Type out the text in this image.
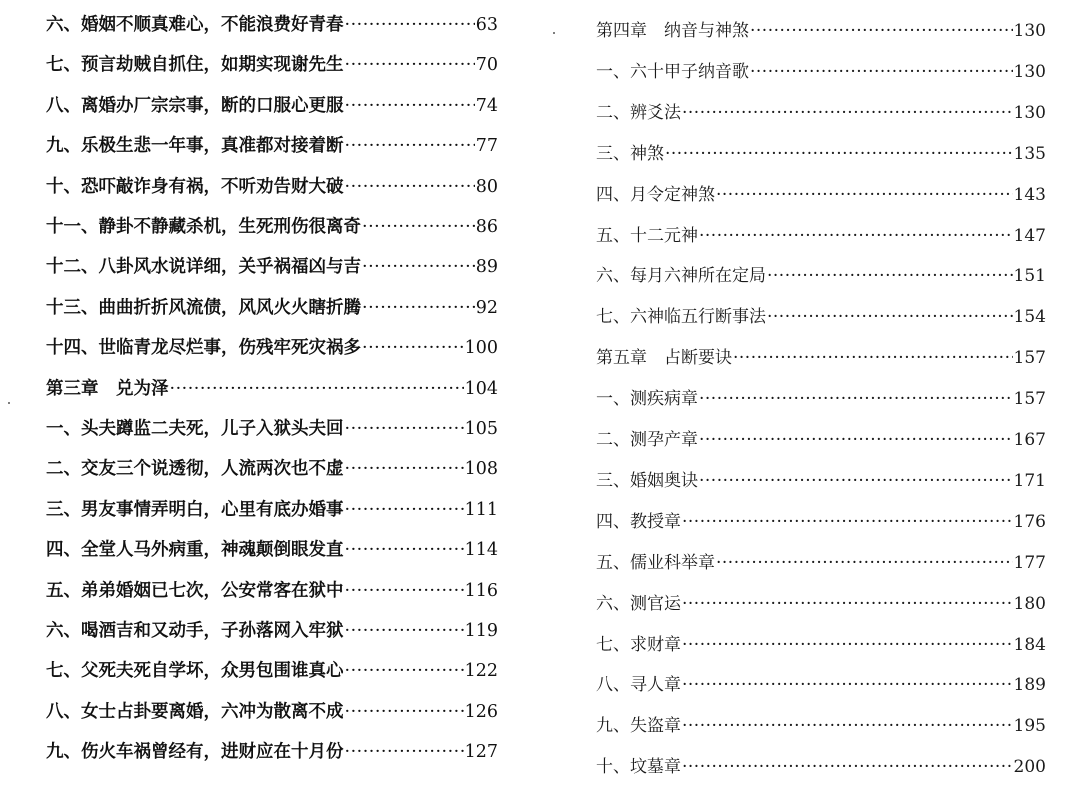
六、婚姻不顺真难心，不能浪费好青春 ·····	63
七、预言劫贼自抓住，如期实现谢先生 ·····	70
八、离婚办厂宗宗事，断的口服心更服 ·····	74
九、乐极生悲一年事，真准都对接着断 ·····	77
十、恐吓敲诈身有祸，不听劝告财大破 ·····	80
十一、静卦不静藏杀机，生死刑伤很离奇 ·····	86
十二、八卦风水说详细，关乎祸福凶与吉 ·····	89
十三、曲曲折折风流债，风风火火瞎折腾 ·····	92
十四、世临青龙尽烂事，伤残牢死灾祸多 ·····	100
第三章　兑为泽 ·····	104
一、头夫蹲监二夫死，儿子入狱头夫回 ·····	105
二、交友三个说透彻，人流两次也不虚 ·····	108
三、男友事情弄明白，心里有底办婚事 ·····	111
四、全堂人马外病重，神魂颠倒眼发直 ·····	114
五、弟弟婚姻已七次，公安常客在狱中 ·····	116
六、喝酒吉和又动手，子孙落网入牢狱 ·····	119
七、父死夫死自学坏，众男包围谁真心 ·····	122
八、女士占卦要离婚，六冲为散离不成 ·····	126
九、伤火车祸曾经有，进财应在十月份 ·····	127
第四章　纳音与神煞 ·····	130
一、六十甲子纳音歌 ·····	130
二、辨爻法 ·····	130
三、神煞 ·····	135
四、月令定神煞 ·····	143
五、十二元神 ·····	147
六、每月六神所在定局 ·····	151
七、六神临五行断事法 ·····	154
第五章　占断要诀 ·····	157
一、测疾病章 ·····	157
二、测孕产章 ·····	167
三、婚姻奥诀 ·····	171
四、教授章 ·····	176
五、儒业科举章 ·····	177
六、测官运 ·····	180
七、求财章 ·····	184
八、寻人章 ·····	189
九、失盗章 ·····	195
十、坟墓章 ·····	200
